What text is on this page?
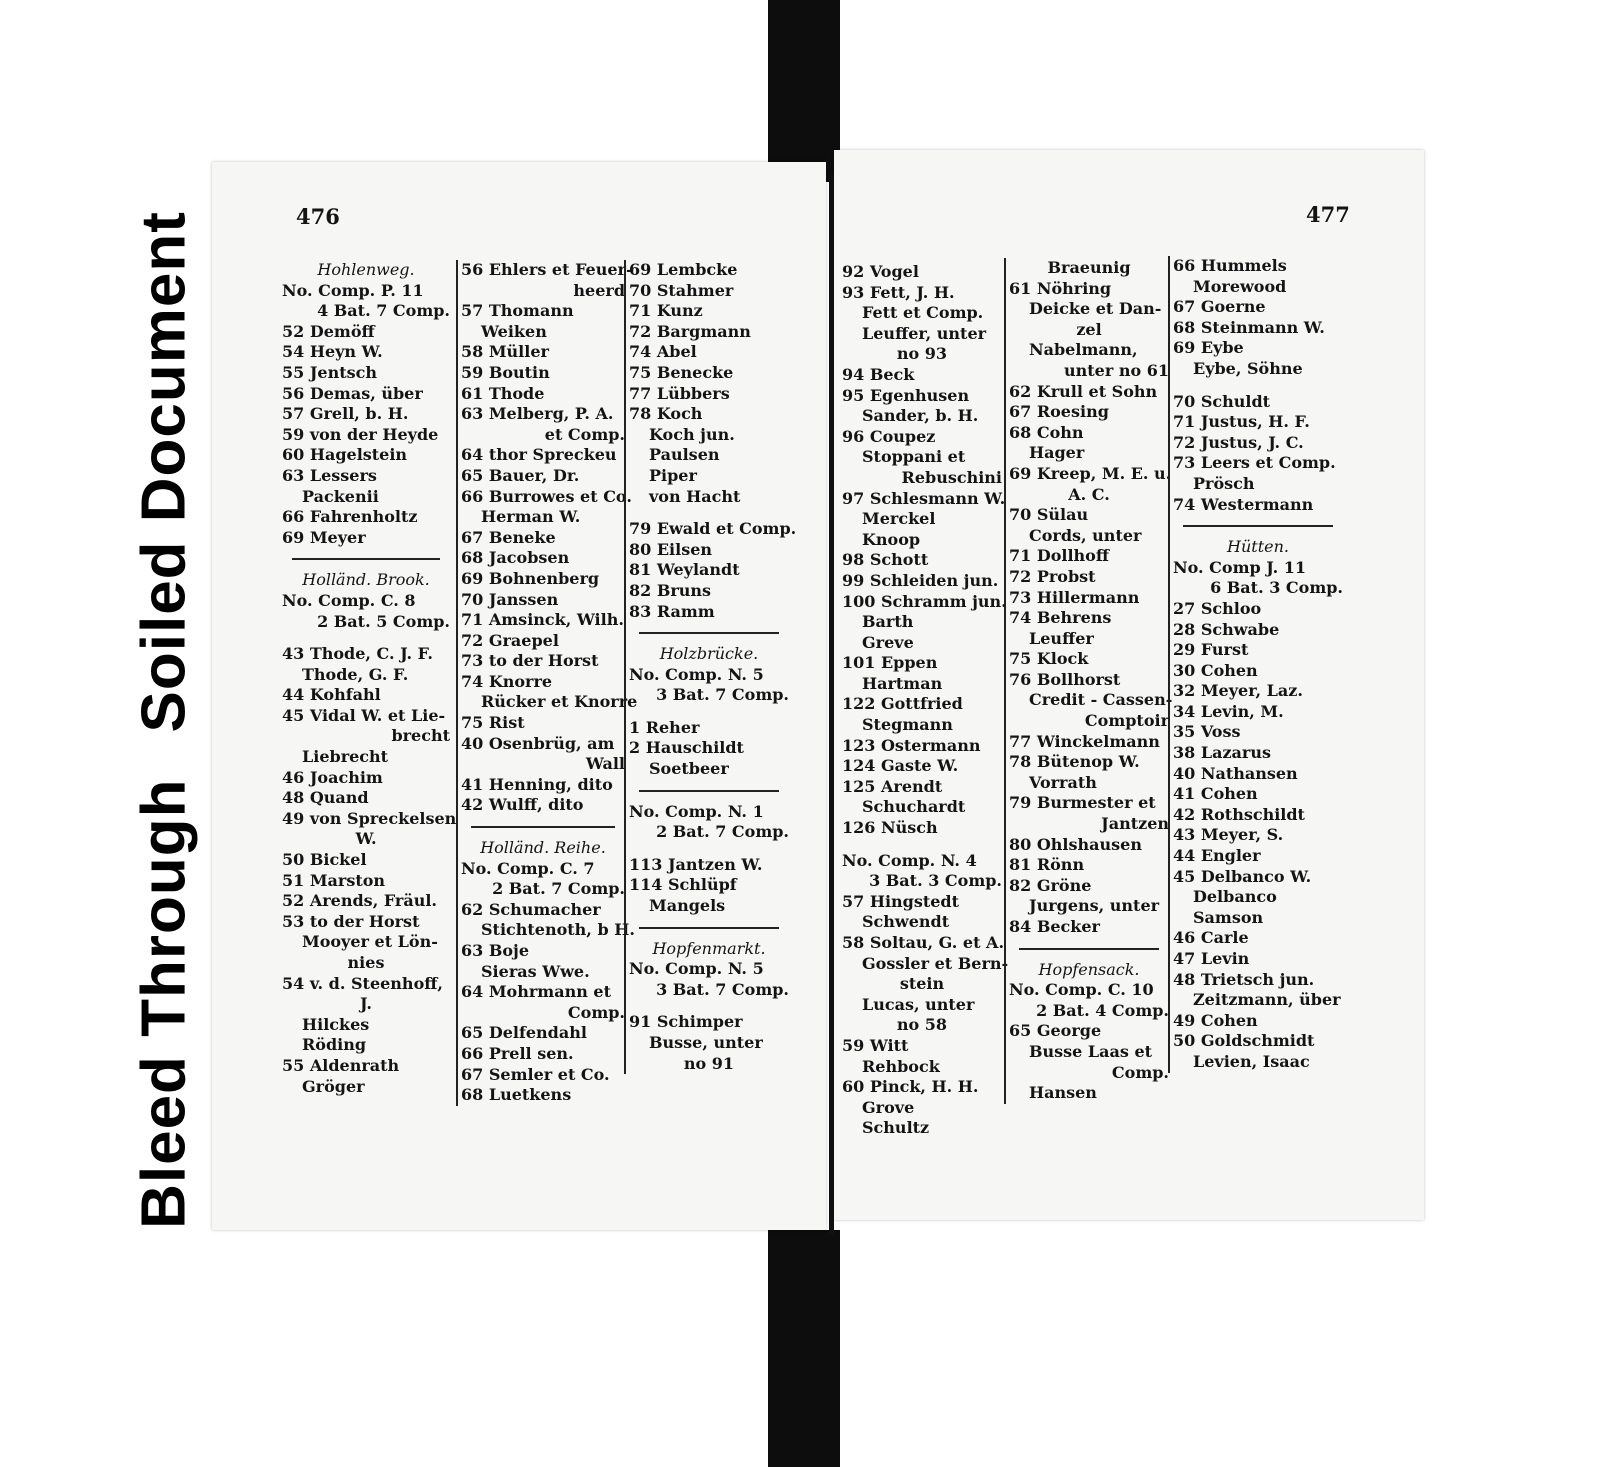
Bleed ThroughSoiled Document	476
Hohlenweg.
No. Comp. P. 11
4 Bat. 7 Comp.
52 Demöff
54 Heyn W.
55 Jentsch
56 Demas, über
57 Grell, b. H.
59 von der Heyde
60 Hagelstein
63 Lessers
Packenii
66 Fahrenholtz
69 Meyer
Holländ. Brook.
No. Comp. C. 8
2 Bat. 5 Comp.
43 Thode, C. J. F.
Thode, G. F.
44 Kohfahl
45 Vidal W. et Lie-
brecht
Liebrecht
46 Joachim
48 Quand
49 von Spreckelsen
W.
50 Bickel
51 Marston
52 Arends, Fräul.
53 to der Horst
Mooyer et Lön-
nies
54 v. d. Steenhoff,
J.
Hilckes
Röding
55 Aldenrath
Gröger
56 Ehlers et Feuer-
heerd
57 Thomann
Weiken
58 Müller
59 Boutin
61 Thode
63 Melberg, P. A.
et Comp.
64 thor Spreckeu
65 Bauer, Dr.
66 Burrowes et Co.
Herman W.
67 Beneke
68 Jacobsen
69 Bohnenberg
70 Janssen
71 Amsinck, Wilh.
72 Graepel
73 to der Horst
74 Knorre
Rücker et Knorre
75 Rist
40 Osenbrüg, am
Wall
41 Henning, dito
42 Wulff, dito
Holländ. Reihe.
No. Comp. C. 7
2 Bat. 7 Comp.
62 Schumacher
Stichtenoth, b H.
63 Boje
Sieras Wwe.
64 Mohrmann et
Comp.
65 Delfendahl
66 Prell sen.
67 Semler et Co.
68 Luetkens
69 Lembcke
70 Stahmer
71 Kunz
72 Bargmann
74 Abel
75 Benecke
77 Lübbers
78 Koch
Koch jun.
Paulsen
Piper
von Hacht
79 Ewald et Comp.
80 Eilsen
81 Weylandt
82 Bruns
83 Ramm
Holzbrücke.
No. Comp. N. 5
3 Bat. 7 Comp.
1 Reher
2 Hauschildt
Soetbeer
No. Comp. N. 1
2 Bat. 7 Comp.
113 Jantzen W.
114 Schlüpf
Mangels
Hopfenmarkt.
No. Comp. N. 5
3 Bat. 7 Comp.
91 Schimper
Busse, unter
no 91
477
92 Vogel
93 Fett, J. H.
Fett et Comp.
Leuffer, unter
no 93
94 Beck
95 Egenhusen
Sander, b. H.
96 Coupez
Stoppani et
Rebuschini
97 Schlesmann W.
Merckel
Knoop
98 Schott
99 Schleiden jun.
100 Schramm jun.
Barth
Greve
101 Eppen
Hartman
122 Gottfried
Stegmann
123 Ostermann
124 Gaste W.
125 Arendt
Schuchardt
126 Nüsch
No. Comp. N. 4
3 Bat. 3 Comp.
57 Hingstedt
Schwendt
58 Soltau, G. et A.
Gossler et Bern-
stein
Lucas, unter
no 58
59 Witt
Rehbock
60 Pinck, H. H.
Grove
Schultz
Braeunig
61 Nöhring
Deicke et Dan-
zel
Nabelmann,
unter no 61
62 Krull et Sohn
67 Roesing
68 Cohn
Hager
69 Kreep, M. E. u.
A. C.
70 Sülau
Cords, unter
71 Dollhoff
72 Probst
73 Hillermann
74 Behrens
Leuffer
75 Klock
76 Bollhorst
Credit - Cassen-
Comptoir
77 Winckelmann
78 Bütenop W.
Vorrath
79 Burmester et
Jantzen
80 Ohlshausen
81 Rönn
82 Gröne
Jurgens, unter
84 Becker
Hopfensack.
No. Comp. C. 10
2 Bat. 4 Comp.
65 George
Busse Laas et
Comp.
Hansen
66 Hummels
Morewood
67 Goerne
68 Steinmann W.
69 Eybe
Eybe, Söhne
70 Schuldt
71 Justus, H. F.
72 Justus, J. C.
73 Leers et Comp.
Prösch
74 Westermann
Hütten.
No. Comp J. 11
6 Bat. 3 Comp.
27 Schloo
28 Schwabe
29 Furst
30 Cohen
32 Meyer, Laz.
34 Levin, M.
35 Voss
38 Lazarus
40 Nathansen
41 Cohen
42 Rothschildt
43 Meyer, S.
44 Engler
45 Delbanco W.
Delbanco
Samson
46 Carle
47 Levin
48 Trietsch jun.
Zeitzmann, über
49 Cohen
50 Goldschmidt
Levien, Isaac
